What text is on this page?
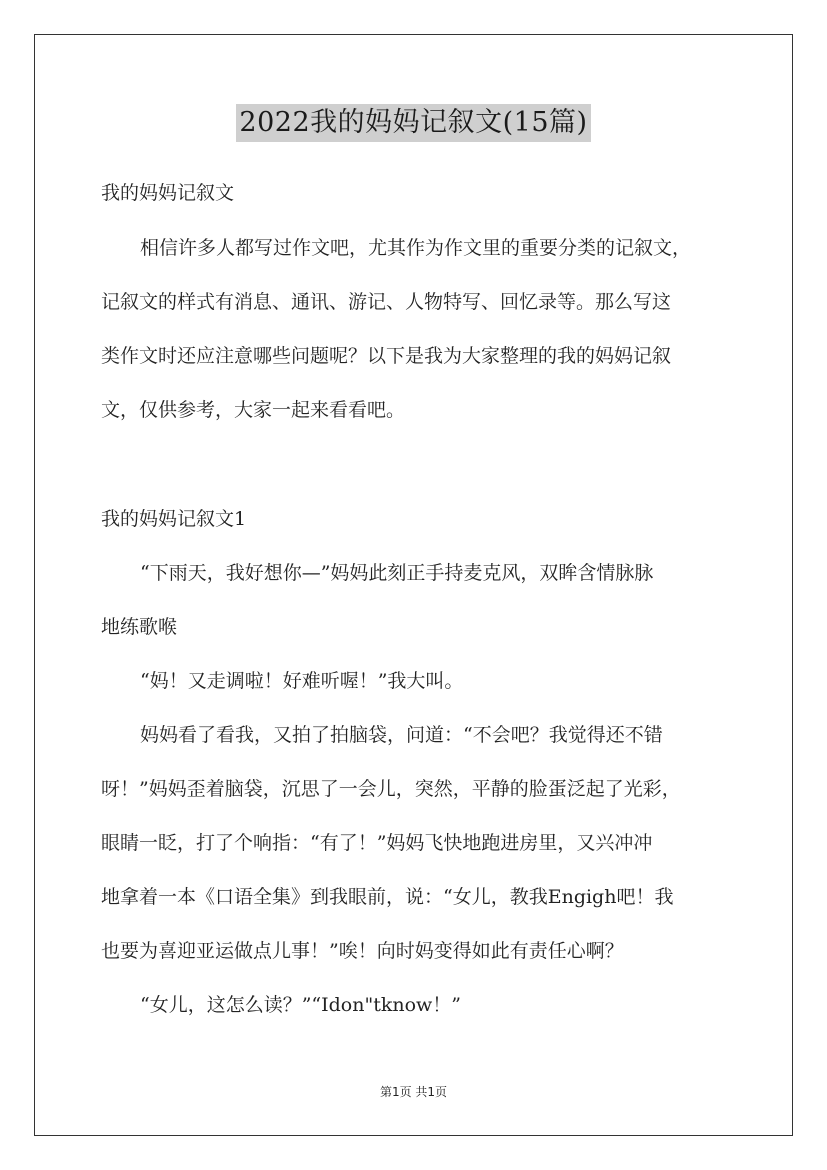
2022我的妈妈记叙文(15篇)
我的妈妈记叙文
相信许多人都写过作文吧，尤其作为作文里的重要分类的记叙文，
记叙文的样式有消息、通讯、游记、人物特写、回忆录等。那么写这
类作文时还应注意哪些问题呢？以下是我为大家整理的我的妈妈记叙
文，仅供参考，大家一起来看看吧。
我的妈妈记叙文1
“下雨天，我好想你—”妈妈此刻正手持麦克风，双眸含情脉脉
地练歌喉
“妈！又走调啦！好难听喔！”我大叫。
妈妈看了看我，又拍了拍脑袋，问道：“不会吧？我觉得还不错
呀！”妈妈歪着脑袋，沉思了一会儿，突然，平静的脸蛋泛起了光彩，
眼睛一眨，打了个响指：“有了！”妈妈飞快地跑进房里，又兴冲冲
地拿着一本《口语全集》到我眼前，说：“女儿，教我Engigh吧！我
也要为喜迎亚运做点儿事！”唉！向时妈变得如此有责任心啊？
“女儿，这怎么读？”“Idon"tknow！”
第1页 共1页
